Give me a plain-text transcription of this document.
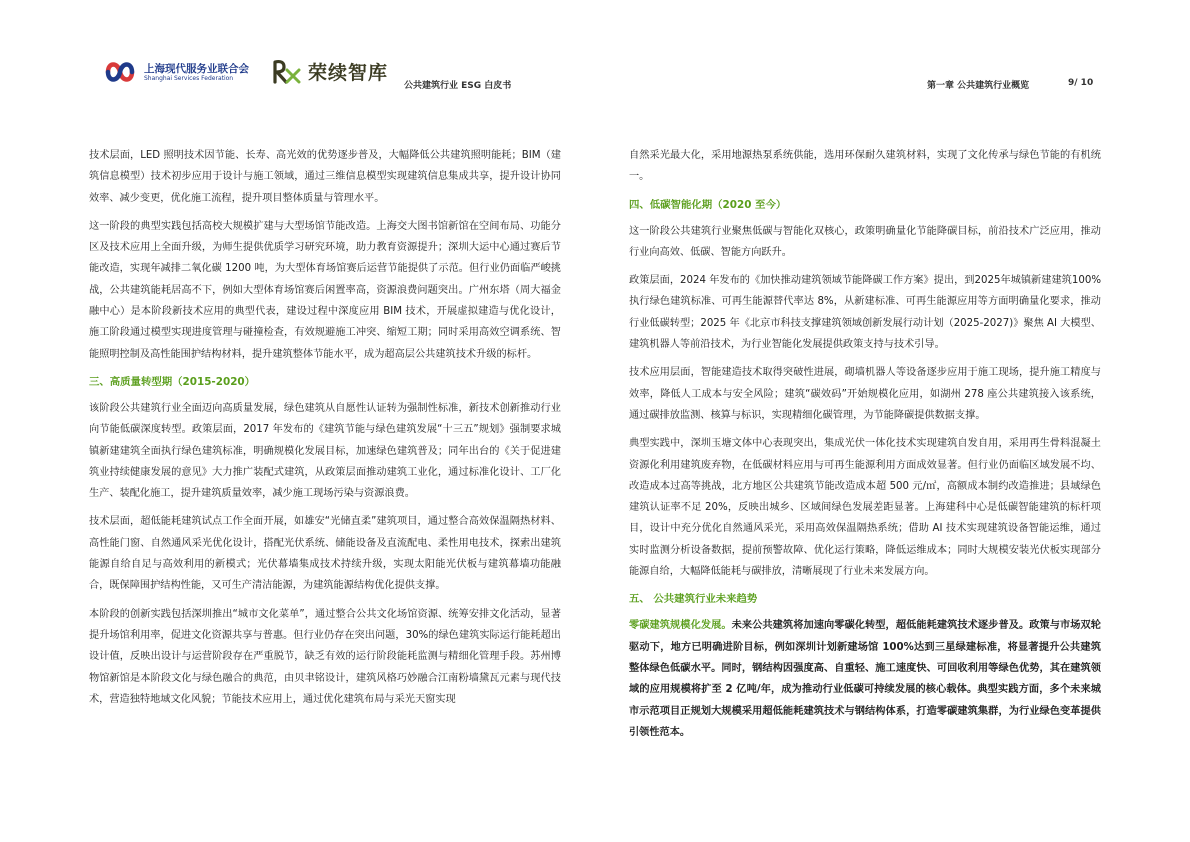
上海现代服务业联合会
Shanghai Services Federation	荣续智库
公共建筑行业 ESG 白皮书	第一章 公共建筑行业概览	9/ 10

技术层面，LED 照明技术因节能、长寿、高光效的优势逐步普及，大幅降低公共建筑照明能耗；BIM（建筑信息模型）技术初步应用于设计与施工领域，通过三维信息模型实现建筑信息集成共享，提升设计协同效率、减少变更，优化施工流程，提升项目整体质量与管理水平。

这一阶段的典型实践包括高校大规模扩建与大型场馆节能改造。上海交大图书馆新馆在空间布局、功能分区及技术应用上全面升级，为师生提供优质学习研究环境，助力教育资源提升；深圳大运中心通过赛后节能改造，实现年减排二氧化碳 1200 吨，为大型体育场馆赛后运营节能提供了示范。但行业仍面临严峻挑战，公共建筑能耗居高不下，例如大型体育场馆赛后闲置率高，资源浪费问题突出。广州东塔（周大福金融中心）是本阶段新技术应用的典型代表，建设过程中深度应用 BIM 技术，开展虚拟建造与优化设计，施工阶段通过模型实现进度管理与碰撞检查，有效规避施工冲突、缩短工期；同时采用高效空调系统、智能照明控制及高性能围护结构材料，提升建筑整体节能水平，成为超高层公共建筑技术升级的标杆。

三、高质量转型期（2015-2020）

该阶段公共建筑行业全面迈向高质量发展，绿色建筑从自愿性认证转为强制性标准，新技术创新推动行业向节能低碳深度转型。政策层面，2017 年发布的《建筑节能与绿色建筑发展“十三五”规划》强制要求城镇新建建筑全面执行绿色建筑标准，明确规模化发展目标，加速绿色建筑普及；同年出台的《关于促进建筑业持续健康发展的意见》大力推广装配式建筑，从政策层面推动建筑工业化，通过标准化设计、工厂化生产、装配化施工，提升建筑质量效率，减少施工现场污染与资源浪费。

技术层面，超低能耗建筑试点工作全面开展，如雄安“光储直柔”建筑项目，通过整合高效保温隔热材料、高性能门窗、自然通风采光优化设计，搭配光伏系统、储能设备及直流配电、柔性用电技术，探索出建筑能源自给自足与高效利用的新模式；光伏幕墙集成技术持续升级，实现太阳能光伏板与建筑幕墙功能融合，既保障围护结构性能，又可生产清洁能源，为建筑能源结构优化提供支撑。

本阶段的创新实践包括深圳推出“城市文化菜单”，通过整合公共文化场馆资源、统筹安排文化活动，显著提升场馆利用率，促进文化资源共享与普惠。但行业仍存在突出问题，30%的绿色建筑实际运行能耗超出设计值，反映出设计与运营阶段存在严重脱节，缺乏有效的运行阶段能耗监测与精细化管理手段。苏州博物馆新馆是本阶段文化与绿色融合的典范，由贝聿铭设计，建筑风格巧妙融合江南粉墙黛瓦元素与现代技术，营造独特地域文化风貌；节能技术应用上，通过优化建筑布局与采光天窗实现

自然采光最大化，采用地源热泵系统供能，选用环保耐久建筑材料，实现了文化传承与绿色节能的有机统一。

四、低碳智能化期（2020 至今）

这一阶段公共建筑行业聚焦低碳与智能化双核心，政策明确量化节能降碳目标，前沿技术广泛应用，推动行业向高效、低碳、智能方向跃升。

政策层面，2024 年发布的《加快推动建筑领域节能降碳工作方案》提出，到2025年城镇新建建筑100%执行绿色建筑标准、可再生能源替代率达 8%，从新建标准、可再生能源应用等方面明确量化要求，推动行业低碳转型；2025 年《北京市科技支撑建筑领域创新发展行动计划（2025-2027)》聚焦 AI 大模型、建筑机器人等前沿技术，为行业智能化发展提供政策支持与技术引导。

技术应用层面，智能建造技术取得突破性进展，砌墙机器人等设备逐步应用于施工现场，提升施工精度与效率，降低人工成本与安全风险；建筑“碳效码”开始规模化应用，如湖州 278 座公共建筑接入该系统，通过碳排放监测、核算与标识，实现精细化碳管理，为节能降碳提供数据支撑。

典型实践中，深圳玉塘文体中心表现突出，集成光伏一体化技术实现建筑自发自用，采用再生骨料混凝土资源化利用建筑废弃物，在低碳材料应用与可再生能源利用方面成效显著。但行业仍面临区域发展不均、改造成本过高等挑战，北方地区公共建筑节能改造成本超 500 元/㎡，高额成本制约改造推进；县域绿色建筑认证率不足 20%，反映出城乡、区域间绿色发展差距显著。上海建科中心是低碳智能建筑的标杆项目，设计中充分优化自然通风采光，采用高效保温隔热系统；借助 AI 技术实现建筑设备智能运维，通过实时监测分析设备数据，提前预警故障、优化运行策略，降低运维成本；同时大规模安装光伏板实现部分能源自给，大幅降低能耗与碳排放，清晰展现了行业未来发展方向。

五、 公共建筑行业未来趋势

零碳建筑规模化发展。未来公共建筑将加速向零碳化转型，超低能耗建筑技术逐步普及。政策与市场双轮驱动下，地方已明确进阶目标，例如深圳计划新建场馆 100%达到三星绿建标准，将显著提升公共建筑整体绿色低碳水平。同时，钢结构因强度高、自重轻、施工速度快、可回收利用等绿色优势，其在建筑领域的应用规模将扩至 2 亿吨/年，成为推动行业低碳可持续发展的核心载体。典型实践方面，多个未来城市示范项目正规划大规模采用超低能耗建筑技术与钢结构体系，打造零碳建筑集群，为行业绿色变革提供引领性范本。
